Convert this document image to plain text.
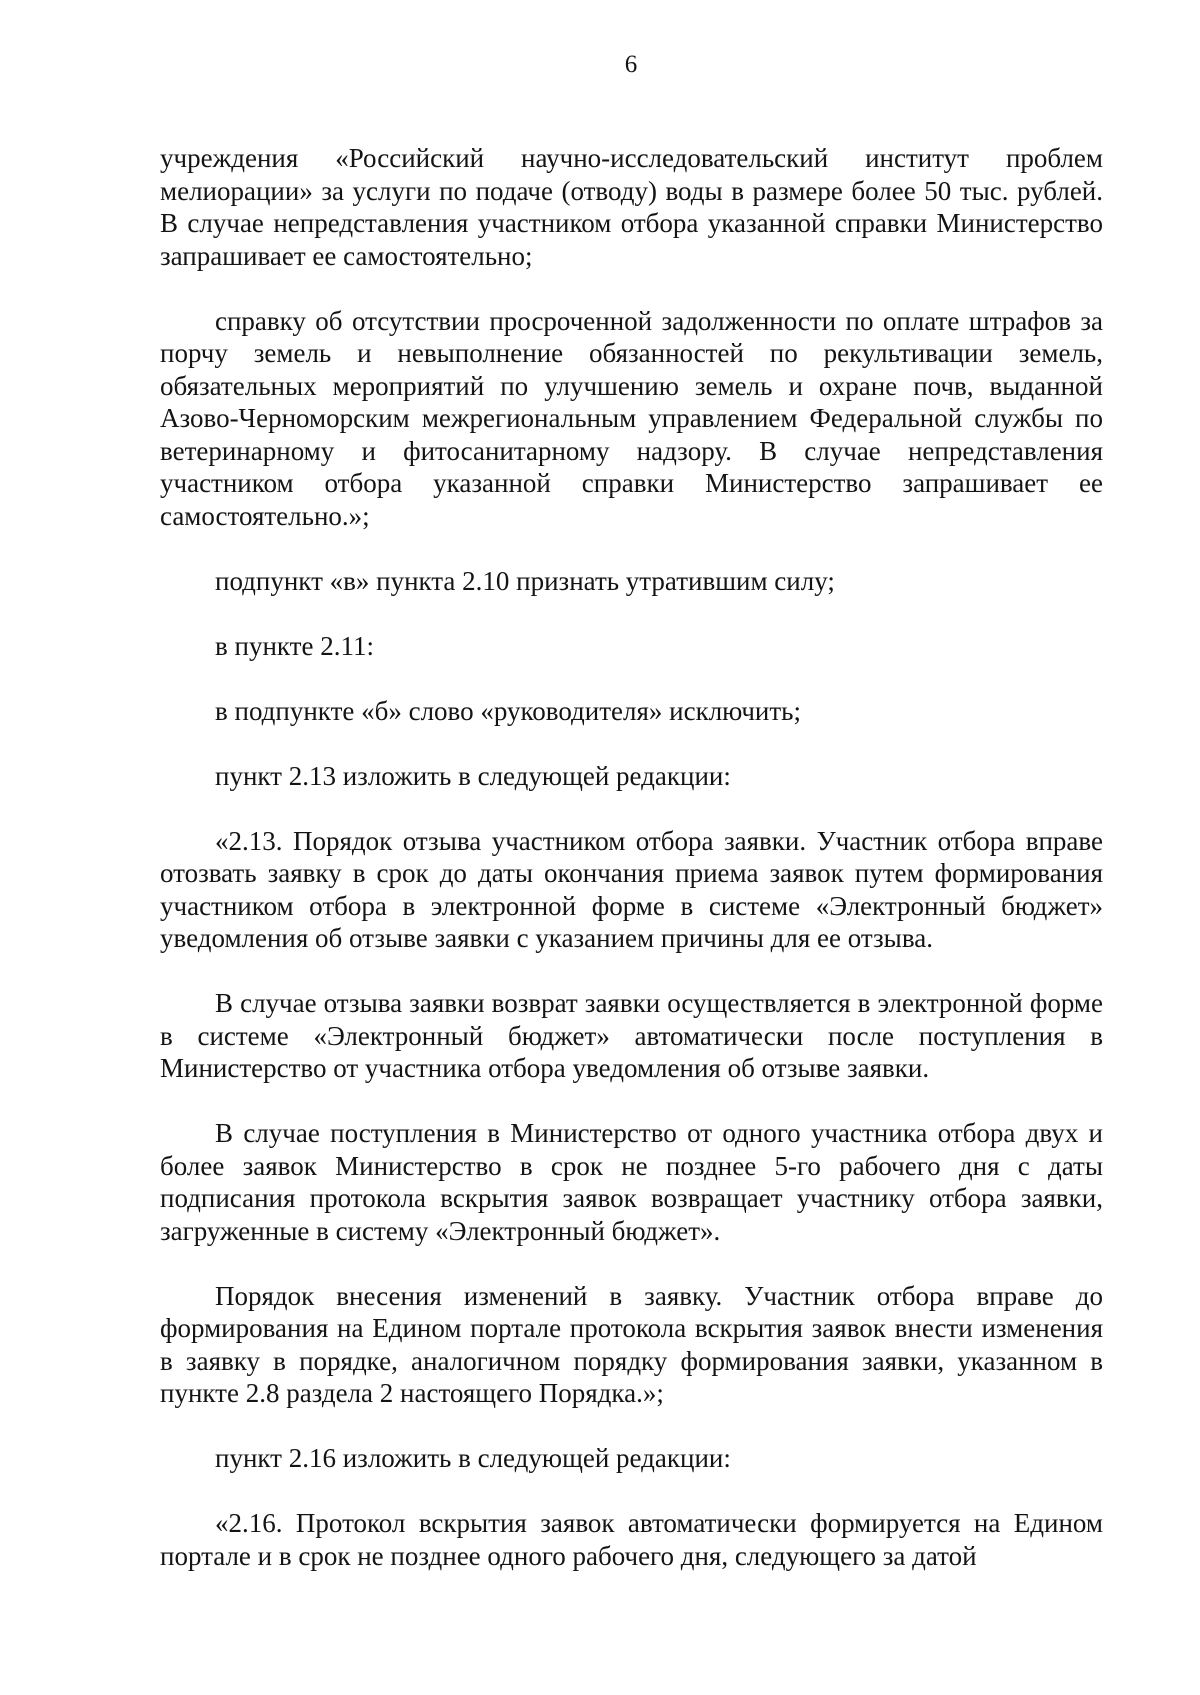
6

учреждения «Российский научно-исследовательский институт проблем мелиорации» за услуги по подаче (отводу) воды в размере более 50 тыс. рублей. В случае непредставления участником отбора указанной справки Министерство запрашивает ее самостоятельно;

справку об отсутствии просроченной задолженности по оплате штрафов за порчу земель и невыполнение обязанностей по рекультивации земель, обязательных мероприятий по улучшению земель и охране почв, выданной Азово-Черноморским межрегиональным управлением Федеральной службы по ветеринарному и фитосанитарному надзору. В случае непредставления участником отбора указанной справки Министерство запрашивает ее самостоятельно.»;

подпункт «в» пункта 2.10 признать утратившим силу;

в пункте 2.11:

в подпункте «б» слово «руководителя» исключить;

пункт 2.13 изложить в следующей редакции:

«2.13. Порядок отзыва участником отбора заявки. Участник отбора вправе отозвать заявку в срок до даты окончания приема заявок путем формирования участником отбора в электронной форме в системе «Электронный бюджет» уведомления об отзыве заявки с указанием причины для ее отзыва.

В случае отзыва заявки возврат заявки осуществляется в электронной форме в системе «Электронный бюджет» автоматически после поступления в Министерство от участника отбора уведомления об отзыве заявки.

В случае поступления в Министерство от одного участника отбора двух и более заявок Министерство в срок не позднее 5-го рабочего дня с даты подписания протокола вскрытия заявок возвращает участнику отбора заявки, загруженные в систему «Электронный бюджет».

Порядок внесения изменений в заявку. Участник отбора вправе до формирования на Едином портале протокола вскрытия заявок внести изменения в заявку в порядке, аналогичном порядку формирования заявки, указанном в пункте 2.8 раздела 2 настоящего Порядка.»;

пункт 2.16 изложить в следующей редакции:

«2.16. Протокол вскрытия заявок автоматически формируется на Едином портале и в срок не позднее одного рабочего дня, следующего за датой
